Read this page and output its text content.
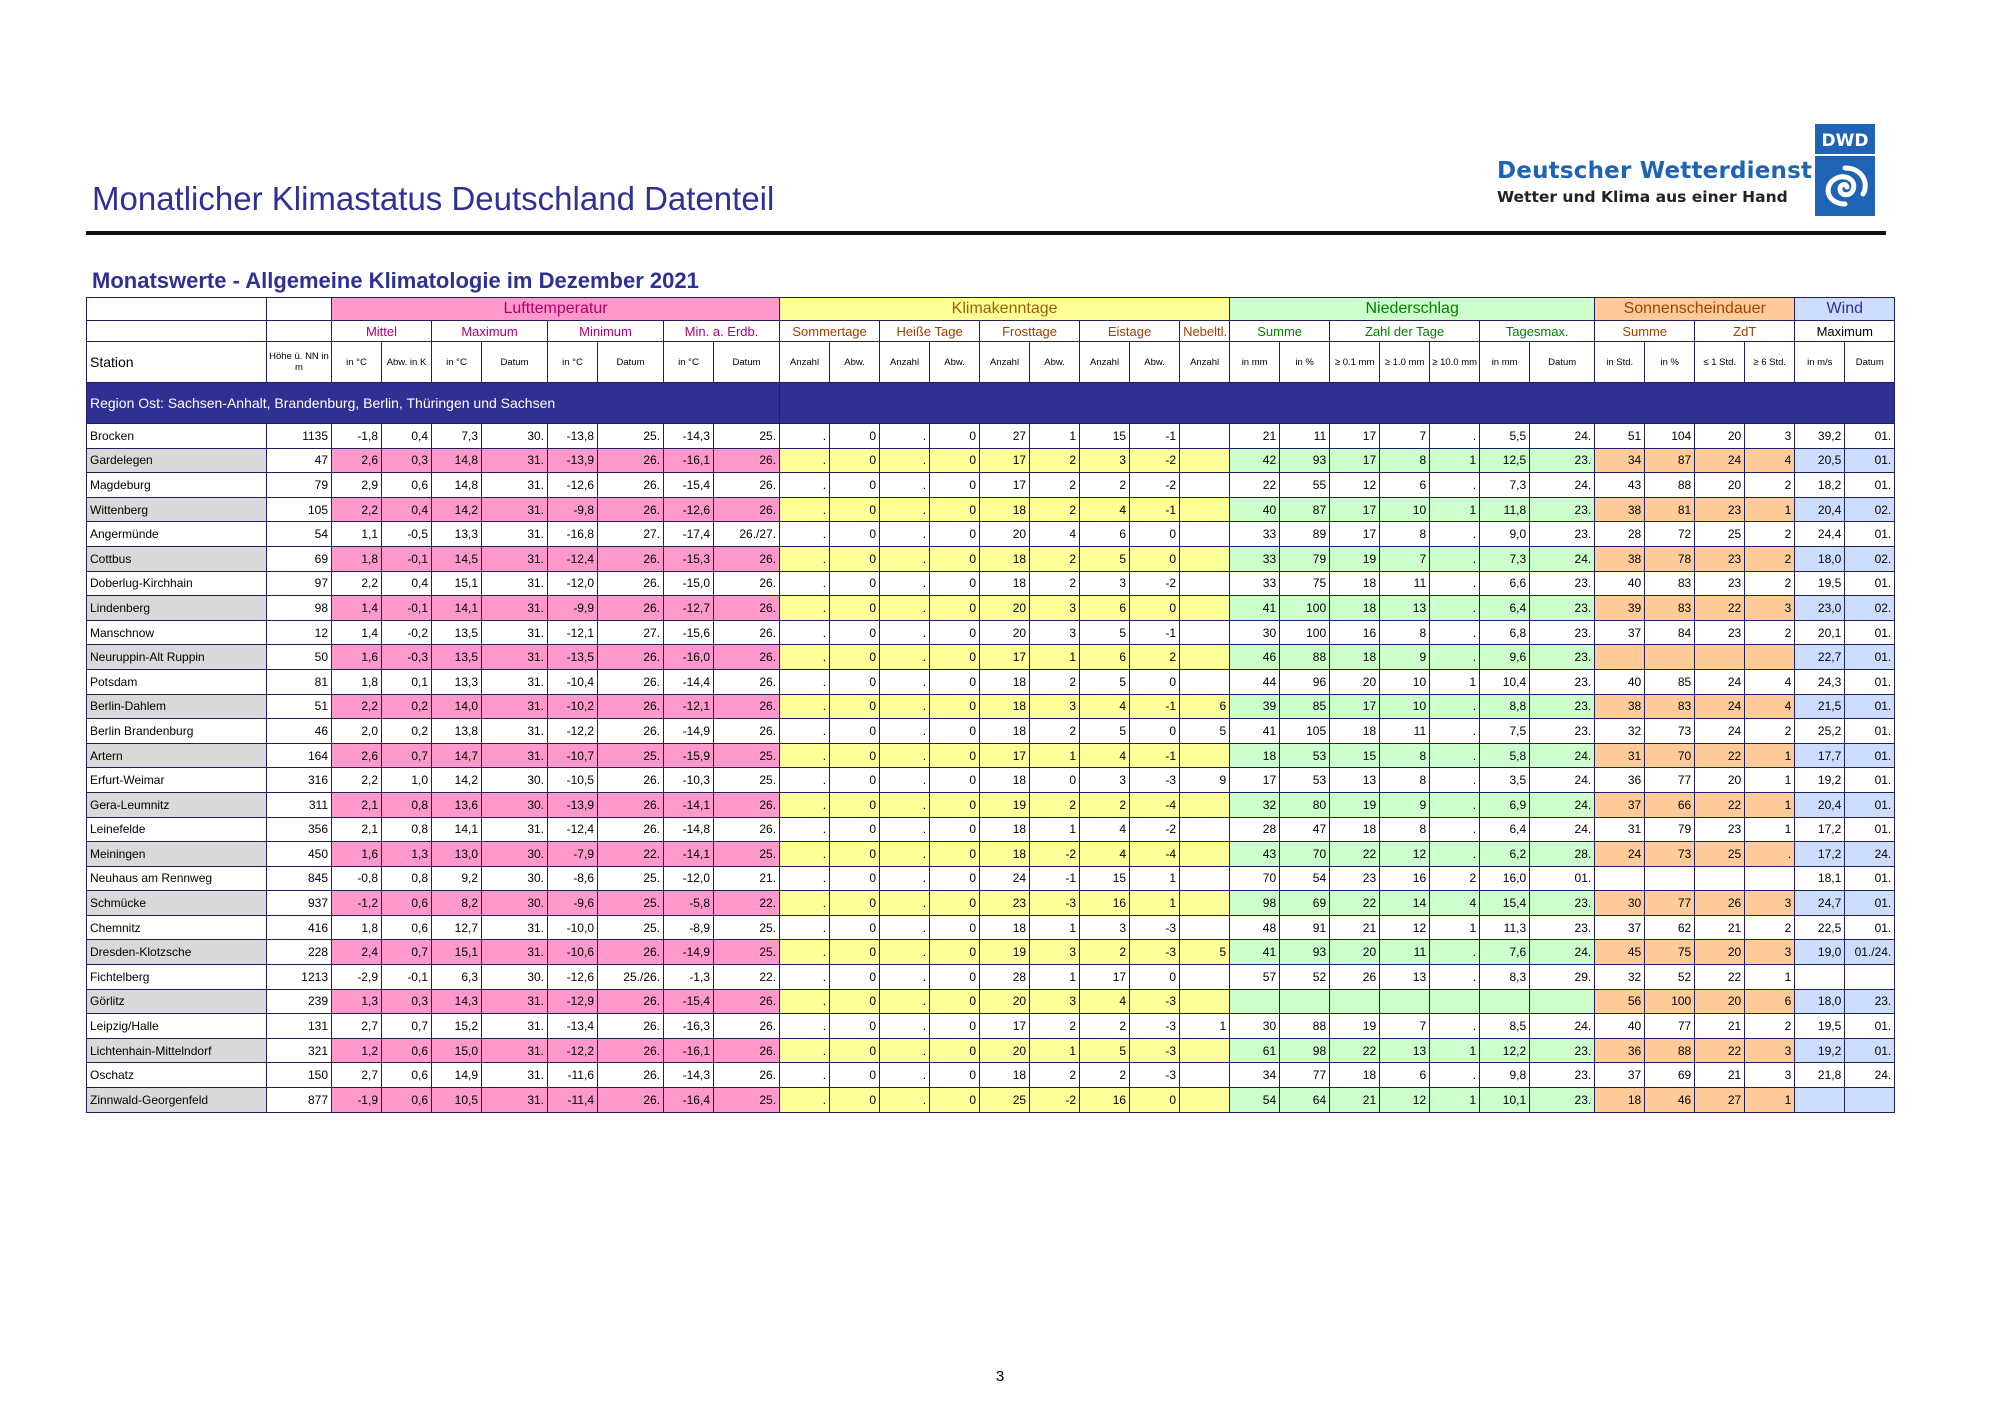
Monatlicher Klimastatus Deutschland Datenteil
Deutscher Wetterdienst
Wetter und Klima aus einer Hand
DWD
Monatswerte - Allgemeine Klimatologie im Dezember 2021
		Lufttemperatur								Klimakenntage									Niederschlag							Sonnenscheindauer				Wind	
		Mittel		Maximum		Minimum		Min. a. Erdb.		Sommertage		Heiße Tage		Frosttage		Eistage		Nebeltl.	Summe		Zahl der Tage			Tagesmax.		Summe		ZdT		Maximum	
Station	Höhe ü. NN in m	in °C	Abw. in K	in °C	Datum	in °C	Datum	in °C	Datum	Anzahl	Abw.	Anzahl	Abw.	Anzahl	Abw.	Anzahl	Abw.	Anzahl	in mm	in %	≥ 0.1 mm	≥ 1.0 mm	≥ 10.0 mm	in mm	Datum	in Std.	in %	≤ 1 Std.	≥ 6 Std.	in m/s	Datum
Region Ost: Sachsen-Anhalt, Brandenburg, Berlin, Thüringen und Sachsen																															
Brocken	1135	-1,8	0,4	7,3	30.	-13,8	25.	-14,3	25.	.	0	.	0	27	1	15	-1		21	11	17	7	.	5,5	24.	51	104	20	3	39,2	01.
Gardelegen	47	2,6	0,3	14,8	31.	-13,9	26.	-16,1	26.	.	0	.	0	17	2	3	-2		42	93	17	8	1	12,5	23.	34	87	24	4	20,5	01.
Magdeburg	79	2,9	0,6	14,8	31.	-12,6	26.	-15,4	26.	.	0	.	0	17	2	2	-2		22	55	12	6	.	7,3	24.	43	88	20	2	18,2	01.
Wittenberg	105	2,2	0,4	14,2	31.	-9,8	26.	-12,6	26.	.	0	.	0	18	2	4	-1		40	87	17	10	1	11,8	23.	38	81	23	1	20,4	02.
Angermünde	54	1,1	-0,5	13,3	31.	-16,8	27.	-17,4	26./27.	.	0	.	0	20	4	6	0		33	89	17	8	.	9,0	23.	28	72	25	2	24,4	01.
Cottbus	69	1,8	-0,1	14,5	31.	-12,4	26.	-15,3	26.	.	0	.	0	18	2	5	0		33	79	19	7	.	7,3	24.	38	78	23	2	18,0	02.
Doberlug-Kirchhain	97	2,2	0,4	15,1	31.	-12,0	26.	-15,0	26.	.	0	.	0	18	2	3	-2		33	75	18	11	.	6,6	23.	40	83	23	2	19,5	01.
Lindenberg	98	1,4	-0,1	14,1	31.	-9,9	26.	-12,7	26.	.	0	.	0	20	3	6	0		41	100	18	13	.	6,4	23.	39	83	22	3	23,0	02.
Manschnow	12	1,4	-0,2	13,5	31.	-12,1	27.	-15,6	26.	.	0	.	0	20	3	5	-1		30	100	16	8	.	6,8	23.	37	84	23	2	20,1	01.
Neuruppin-Alt Ruppin	50	1,6	-0,3	13,5	31.	-13,5	26.	-16,0	26.	.	0	.	0	17	1	6	2		46	88	18	9	.	9,6	23.					22,7	01.
Potsdam	81	1,8	0,1	13,3	31.	-10,4	26.	-14,4	26.	.	0	.	0	18	2	5	0		44	96	20	10	1	10,4	23.	40	85	24	4	24,3	01.
Berlin-Dahlem	51	2,2	0,2	14,0	31.	-10,2	26.	-12,1	26.	.	0	.	0	18	3	4	-1	6	39	85	17	10	.	8,8	23.	38	83	24	4	21,5	01.
Berlin Brandenburg	46	2,0	0,2	13,8	31.	-12,2	26.	-14,9	26.	.	0	.	0	18	2	5	0	5	41	105	18	11	.	7,5	23.	32	73	24	2	25,2	01.
Artern	164	2,6	0,7	14,7	31.	-10,7	25.	-15,9	25.	.	0	.	0	17	1	4	-1		18	53	15	8	.	5,8	24.	31	70	22	1	17,7	01.
Erfurt-Weimar	316	2,2	1,0	14,2	30.	-10,5	26.	-10,3	25.	.	0	.	0	18	0	3	-3	9	17	53	13	8	.	3,5	24.	36	77	20	1	19,2	01.
Gera-Leumnitz	311	2,1	0,8	13,6	30.	-13,9	26.	-14,1	26.	.	0	.	0	19	2	2	-4		32	80	19	9	.	6,9	24.	37	66	22	1	20,4	01.
Leinefelde	356	2,1	0,8	14,1	31.	-12,4	26.	-14,8	26.	.	0	.	0	18	1	4	-2		28	47	18	8	.	6,4	24.	31	79	23	1	17,2	01.
Meiningen	450	1,6	1,3	13,0	30.	-7,9	22.	-14,1	25.	.	0	.	0	18	-2	4	-4		43	70	22	12	.	6,2	28.	24	73	25	.	17,2	24.
Neuhaus am Rennweg	845	-0,8	0,8	9,2	30.	-8,6	25.	-12,0	21.	.	0	.	0	24	-1	15	1		70	54	23	16	2	16,0	01.					18,1	01.
Schmücke	937	-1,2	0,6	8,2	30.	-9,6	25.	-5,8	22.	.	0	.	0	23	-3	16	1		98	69	22	14	4	15,4	23.	30	77	26	3	24,7	01.
Chemnitz	416	1,8	0,6	12,7	31.	-10,0	25.	-8,9	25.	.	0	.	0	18	1	3	-3		48	91	21	12	1	11,3	23.	37	62	21	2	22,5	01.
Dresden-Klotzsche	228	2,4	0,7	15,1	31.	-10,6	26.	-14,9	25.	.	0	.	0	19	3	2	-3	5	41	93	20	11	.	7,6	24.	45	75	20	3	19,0	01./24.
Fichtelberg	1213	-2,9	-0,1	6,3	30.	-12,6	25./26.	-1,3	22.	.	0	.	0	28	1	17	0		57	52	26	13	.	8,3	29.	32	52	22	1		
Görlitz	239	1,3	0,3	14,3	31.	-12,9	26.	-15,4	26.	.	0	.	0	20	3	4	-3									56	100	20	6	18,0	23.
Leipzig/Halle	131	2,7	0,7	15,2	31.	-13,4	26.	-16,3	26.	.	0	.	0	17	2	2	-3	1	30	88	19	7	.	8,5	24.	40	77	21	2	19,5	01.
Lichtenhain-Mittelndorf	321	1,2	0,6	15,0	31.	-12,2	26.	-16,1	26.	.	0	.	0	20	1	5	-3		61	98	22	13	1	12,2	23.	36	88	22	3	19,2	01.
Oschatz	150	2,7	0,6	14,9	31.	-11,6	26.	-14,3	26.	.	0	.	0	18	2	2	-3		34	77	18	6	.	9,8	23.	37	69	21	3	21,8	24.
Zinnwald-Georgenfeld	877	-1,9	0,6	10,5	31.	-11,4	26.	-16,4	25.	.	0	.	0	25	-2	16	0		54	64	21	12	1	10,1	23.	18	46	27	1		
3
